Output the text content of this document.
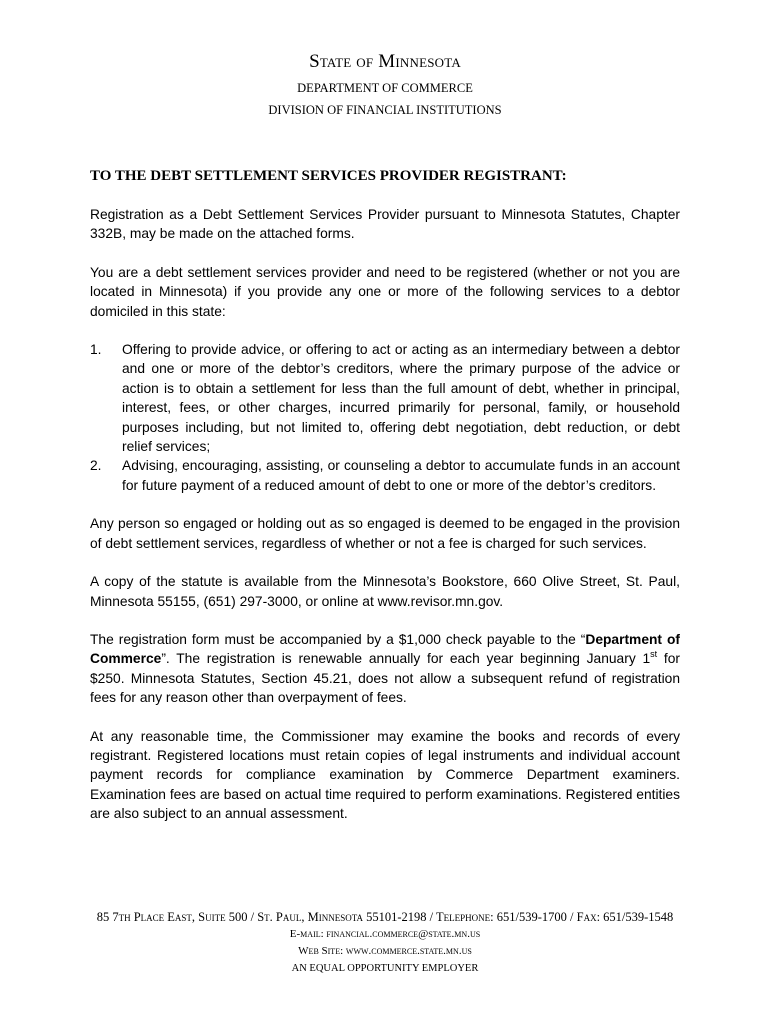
State of Minnesota
DEPARTMENT OF COMMERCE
DIVISION OF FINANCIAL INSTITUTIONS
TO THE DEBT SETTLEMENT SERVICES PROVIDER REGISTRANT:

Registration as a Debt Settlement Services Provider pursuant to Minnesota Statutes, Chapter 332B, may be made on the attached forms.

You are a debt settlement services provider and need to be registered (whether or not you are located in Minnesota) if you provide any one or more of the following services to a debtor domiciled in this state:

1. Offering to provide advice, or offering to act or acting as an intermediary between a debtor and one or more of the debtor’s creditors, where the primary purpose of the advice or action is to obtain a settlement for less than the full amount of debt, whether in principal, interest, fees, or other charges, incurred primarily for personal, family, or household purposes including, but not limited to, offering debt negotiation, debt reduction, or debt relief services;
2. Advising, encouraging, assisting, or counseling a debtor to accumulate funds in an account for future payment of a reduced amount of debt to one or more of the debtor’s creditors.

Any person so engaged or holding out as so engaged is deemed to be engaged in the provision of debt settlement services, regardless of whether or not a fee is charged for such services.

A copy of the statute is available from the Minnesota’s Bookstore, 660 Olive Street, St. Paul, Minnesota 55155, (651) 297-3000, or online at www.revisor.mn.gov.

The registration form must be accompanied by a $1,000 check payable to the “Department of Commerce”. The registration is renewable annually for each year beginning January 1st for $250. Minnesota Statutes, Section 45.21, does not allow a subsequent refund of registration fees for any reason other than overpayment of fees.

At any reasonable time, the Commissioner may examine the books and records of every registrant. Registered locations must retain copies of legal instruments and individual account payment records for compliance examination by Commerce Department examiners. Examination fees are based on actual time required to perform examinations. Registered entities are also subject to an annual assessment.

85 7th Place East, Suite 500 / St. Paul, Minnesota 55101-2198 / Telephone: 651/539-1700 / Fax: 651/539-1548
E-mail: financial.commerce@state.mn.us
Web Site: www.commerce.state.mn.us
AN EQUAL OPPORTUNITY EMPLOYER
